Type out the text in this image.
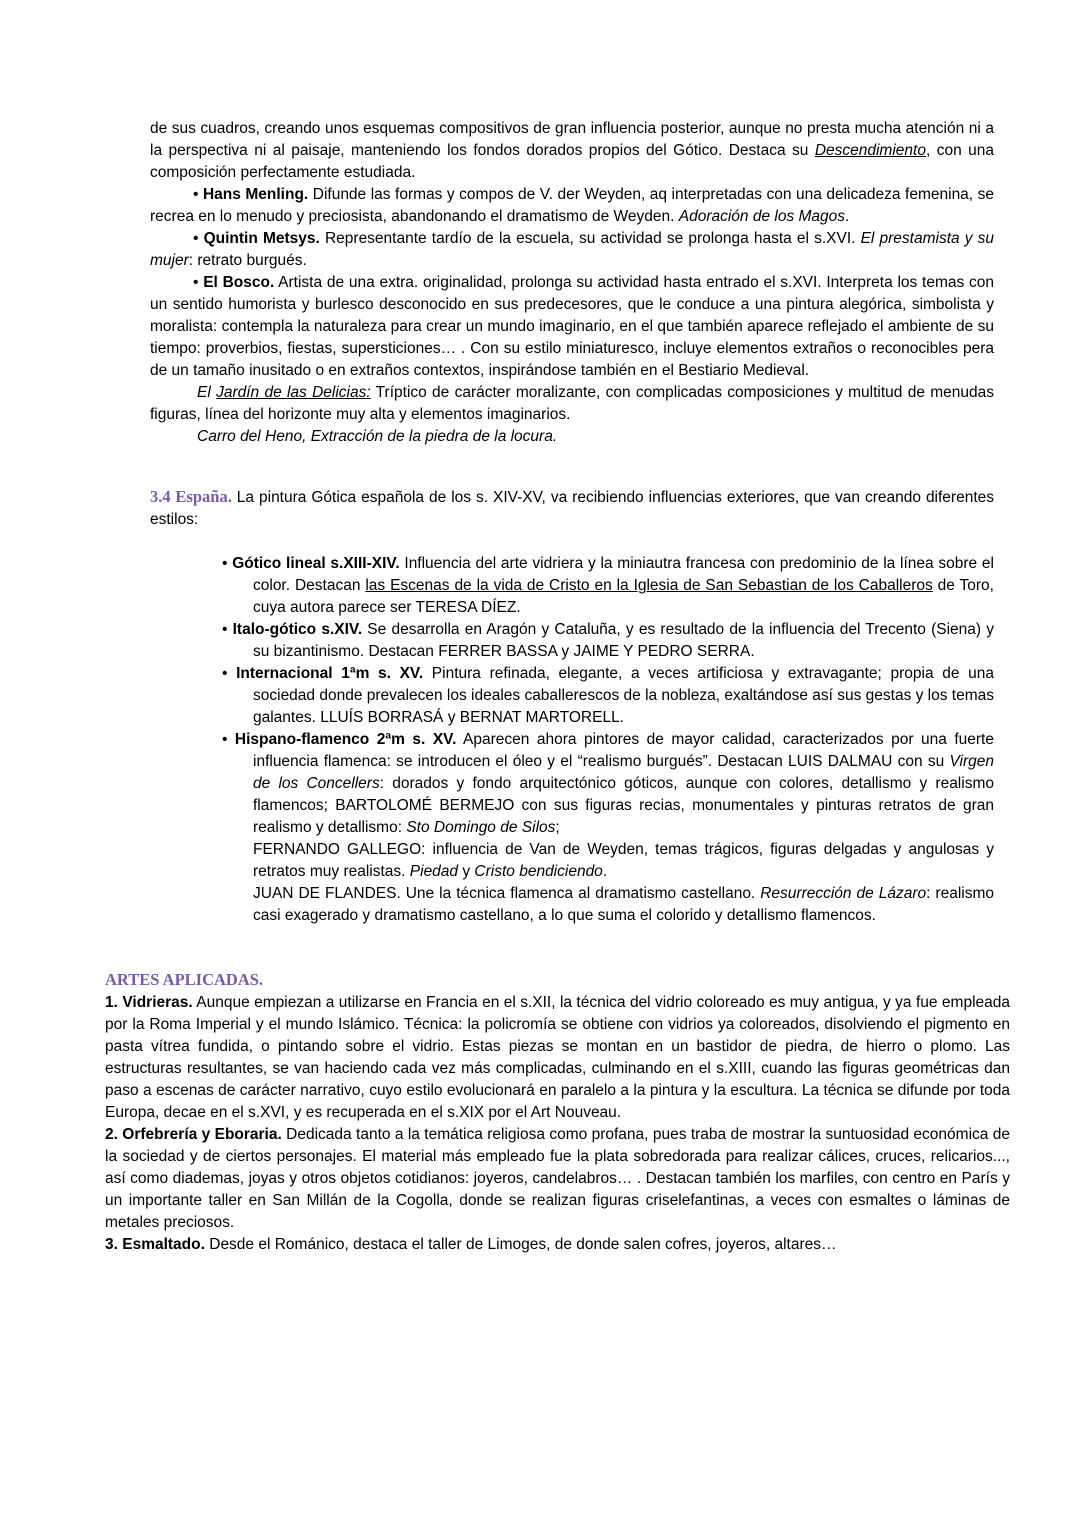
de sus cuadros, creando unos esquemas compositivos de gran influencia posterior, aunque no presta mucha atención ni a la perspectiva ni al paisaje, manteniendo los fondos dorados propios del Gótico. Destaca su Descendimiento, con una composición perfectamente estudiada.

• Hans Menling. Difunde las formas y compos de V. der Weyden, aq interpretadas con una delicadeza femenina, se recrea en lo menudo y preciosista, abandonando el dramatismo de Weyden. Adoración de los Magos.

• Quintin Metsys. Representante tardío de la escuela, su actividad se prolonga hasta el s.XVI. El prestamista y su mujer: retrato burgués.

• El Bosco. Artista de una extra. originalidad, prolonga su actividad hasta entrado el s.XVI. Interpreta los temas con un sentido humorista y burlesco desconocido en sus predecesores, que le conduce a una pintura alegórica, simbolista y moralista: contempla la naturaleza para crear un mundo imaginario, en el que también aparece reflejado el ambiente de su tiempo: proverbios, fiestas, supersticiones… . Con su estilo miniaturesco, incluye elementos extraños o reconocibles pera de un tamaño inusitado o en extraños contextos, inspirándose también en el Bestiario Medieval.

El Jardín de las Delicias: Tríptico de carácter moralizante, con complicadas composiciones y multitud de menudas figuras, línea del horizonte muy alta y elementos imaginarios.

Carro del Heno, Extracción de la piedra de la locura.

3.4 España. La pintura Gótica española de los s. XIV-XV, va recibiendo influencias exteriores, que van creando diferentes estilos:

• Gótico lineal s.XIII-XIV. Influencia del arte vidriera y la miniautra francesa con predominio de la línea sobre el color. Destacan las Escenas de la vida de Cristo en la Iglesia de San Sebastian de los Caballeros de Toro, cuya autora parece ser TERESA DÍEZ.

• Italo-gótico s.XIV. Se desarrolla en Aragón y Cataluña, y es resultado de la influencia del Trecento (Siena) y su bizantinismo. Destacan FERRER BASSA y JAIME Y PEDRO SERRA.

• Internacional 1ªm s. XV. Pintura refinada, elegante, a veces artificiosa y extravagante; propia de una sociedad donde prevalecen los ideales caballerescos de la nobleza, exaltándose así sus gestas y los temas galantes. LLUÍS BORRASÁ y BERNAT MARTORELL.

• Hispano-flamenco 2ªm s. XV. Aparecen ahora pintores de mayor calidad, caracterizados por una fuerte influencia flamenca: se introducen el óleo y el “realismo burgués”. Destacan LUIS DALMAU con su Virgen de los Concellers: dorados y fondo arquitectónico góticos, aunque con colores, detallismo y realismo flamencos; BARTOLOMÉ BERMEJO con sus figuras recias, monumentales y pinturas retratos de gran realismo y detallismo: Sto Domingo de Silos;

FERNANDO GALLEGO: influencia de Van de Weyden, temas trágicos, figuras delgadas y angulosas y retratos muy realistas. Piedad y Cristo bendiciendo.

JUAN DE FLANDES. Une la técnica flamenca al dramatismo castellano. Resurrección de Lázaro: realismo casi exagerado y dramatismo castellano, a lo que suma el colorido y detallismo flamencos.

ARTES APLICADAS.

1. Vidrieras. Aunque empiezan a utilizarse en Francia en el s.XII, la técnica del vidrio coloreado es muy antigua, y ya fue empleada por la Roma Imperial y el mundo Islámico. Técnica: la policromía se obtiene con vidrios ya coloreados, disolviendo el pigmento en pasta vítrea fundida, o pintando sobre el vidrio. Estas piezas se montan en un bastidor de piedra, de hierro o plomo. Las estructuras resultantes, se van haciendo cada vez más complicadas, culminando en el s.XIII, cuando las figuras geométricas dan paso a escenas de carácter narrativo, cuyo estilo evolucionará en paralelo a la pintura y la escultura. La técnica se difunde por toda Europa, decae en el s.XVI, y es recuperada en el s.XIX por el Art Nouveau.

2. Orfebrería y Eboraria. Dedicada tanto a la temática religiosa como profana, pues traba de mostrar la suntuosidad económica de la sociedad y de ciertos personajes. El material más empleado fue la plata sobredorada para realizar cálices, cruces, relicarios..., así como diademas, joyas y otros objetos cotidianos: joyeros, candelabros… . Destacan también los marfiles, con centro en París y un importante taller en San Millán de la Cogolla, donde se realizan figuras criselefantinas, a veces con esmaltes o láminas de metales preciosos.

3. Esmaltado. Desde el Románico, destaca el taller de Limoges, de donde salen cofres, joyeros, altares…
